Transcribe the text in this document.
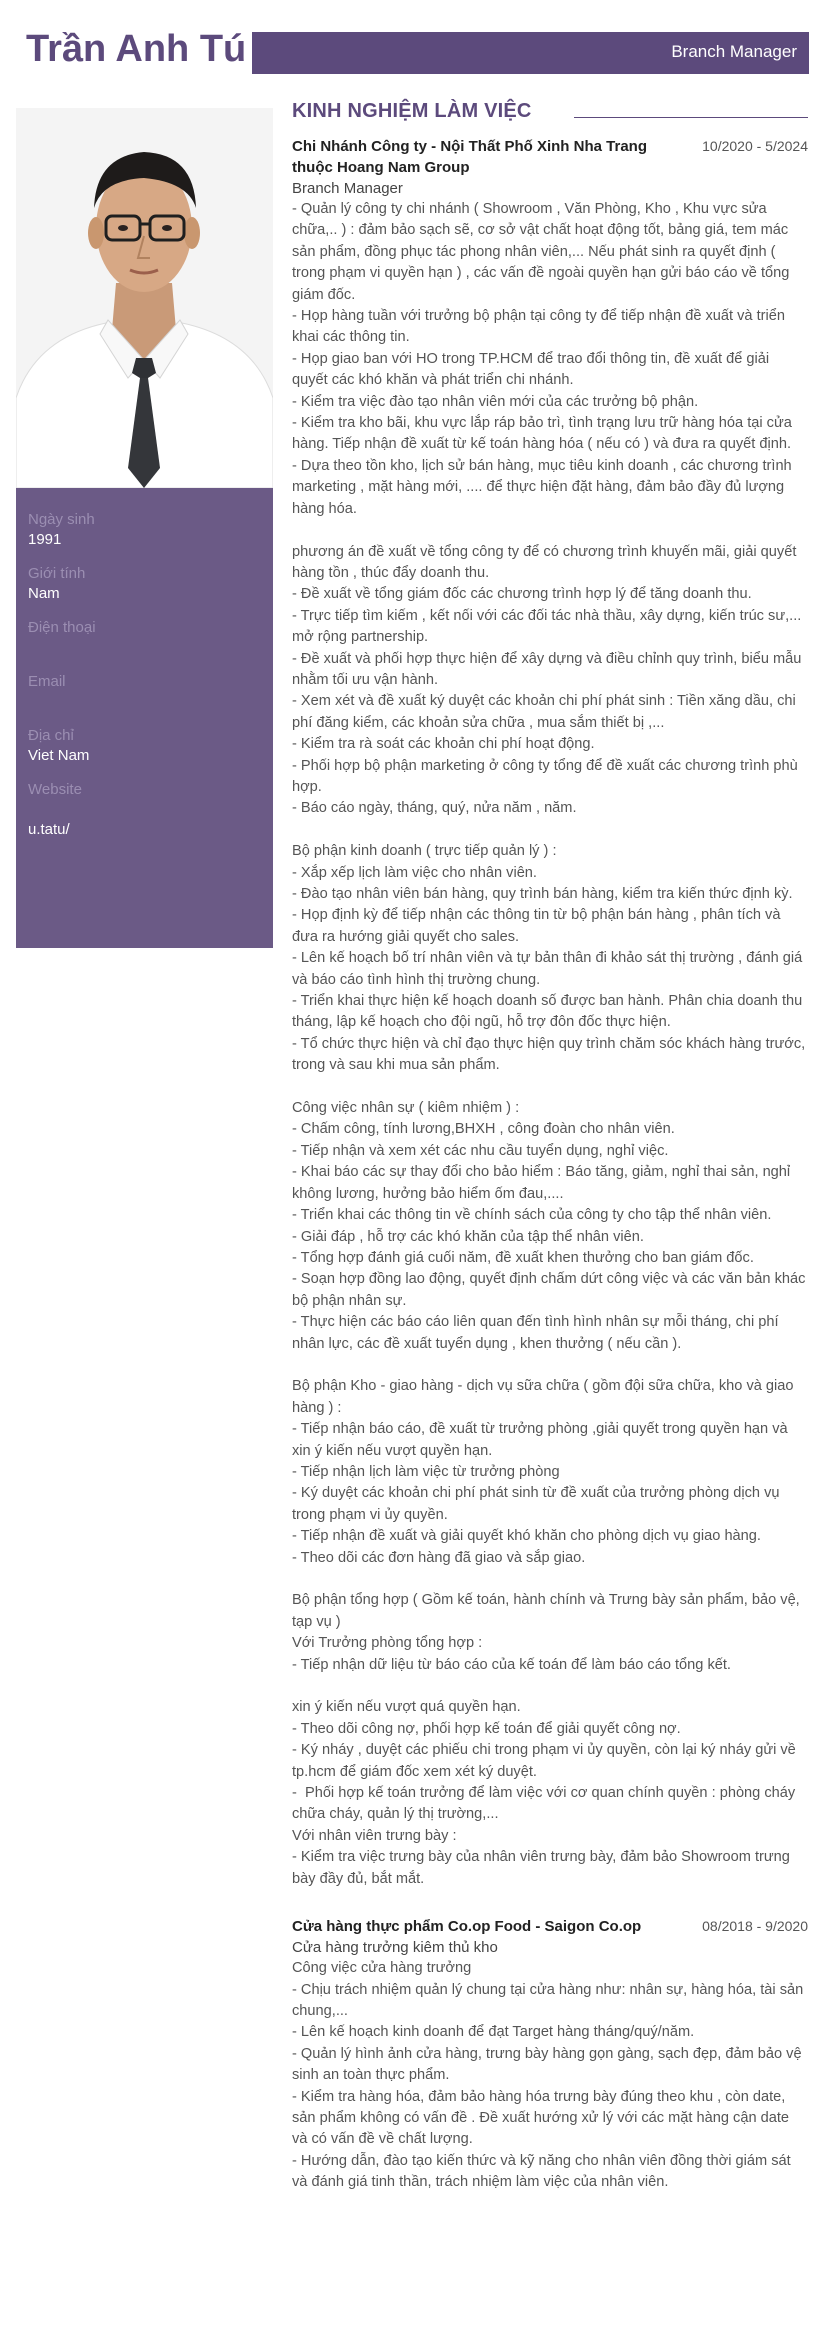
Trần Anh Tú	Branch Manager
Ngày sinh
1991
Giới tính
Nam
Điện thoại
Email
Địa chỉ
Viet Nam
Website
u.tatu/
KINH NGHIỆM LÀM VIỆC
Chi Nhánh Công ty - Nội Thất Phố Xinh Nha Trang thuộc Hoang Nam Group
10/2020 - 5/2024
Branch Manager
- Quản lý công ty chi nhánh ( Showroom , Văn Phòng, Kho , Khu vực sửa chữa,.. ) : đảm bảo sạch sẽ, cơ sở vật chất hoạt động tốt, bảng giá, tem mác sản phẩm, đồng phục tác phong nhân viên,... Nếu phát sinh ra quyết định ( trong phạm vi quyền hạn ) , các vấn đề ngoài quyền hạn gửi báo cáo về tổng giám đốc.
- Họp hàng tuần với trưởng bộ phận tại công ty để tiếp nhận đề xuất và triển khai các thông tin.
- Họp giao ban với HO trong TP.HCM để trao đổi thông tin, đề xuất để giải quyết các khó khăn và phát triển chi nhánh.
- Kiểm tra việc đào tạo nhân viên mới của các trưởng bộ phận.
- Kiểm tra kho bãi, khu vực lắp ráp bảo trì, tình trạng lưu trữ hàng hóa tại cửa hàng. Tiếp nhận đề xuất từ kế toán hàng hóa ( nếu có ) và đưa ra quyết định.
- Dựa theo tồn kho, lịch sử bán hàng, mục tiêu kinh doanh , các chương trình marketing , mặt hàng mới, .... để thực hiện đặt hàng, đảm bảo đầy đủ lượng hàng hóa.

phương án đề xuất về tổng công ty để có chương trình khuyến mãi, giải quyết hàng tồn , thúc đẩy doanh thu.
- Đề xuất về tổng giám đốc các chương trình hợp lý để tăng doanh thu.
- Trực tiếp tìm kiếm , kết nối với các đối tác nhà thầu, xây dựng, kiến trúc sư,... mở rộng partnership.
- Đề xuất và phối hợp thực hiện để xây dựng và điều chỉnh quy trình, biểu mẫu nhằm tối ưu vận hành.
- Xem xét và đề xuất ký duyệt các khoản chi phí phát sinh : Tiền xăng dầu, chi phí đăng kiểm, các khoản sửa chữa , mua sắm thiết bị ,...
- Kiểm tra rà soát các khoản chi phí hoạt động.
- Phối hợp bộ phận marketing ở công ty tổng để đề xuất các chương trình phù hợp.
- Báo cáo ngày, tháng, quý, nửa năm , năm.

Bộ phận kinh doanh ( trực tiếp quản lý ) :
- Xắp xếp lịch làm việc cho nhân viên.
- Đào tạo nhân viên bán hàng, quy trình bán hàng, kiểm tra kiến thức định kỳ.
- Họp định kỳ để tiếp nhận các thông tin từ bộ phận bán hàng , phân tích và đưa ra hướng giải quyết cho sales.
- Lên kế hoạch bố trí nhân viên và tự bản thân đi khảo sát thị trường , đánh giá và báo cáo tình hình thị trường chung.
- Triển khai thực hiện kế hoạch doanh số được ban hành. Phân chia doanh thu tháng, lập kế hoạch cho đội ngũ, hỗ trợ đôn đốc thực hiện.
- Tổ chức thực hiện và chỉ đạo thực hiện quy trình chăm sóc khách hàng trước, trong và sau khi mua sản phẩm.

Công việc nhân sự ( kiêm nhiệm ) :
- Chấm công, tính lương,BHXH , công đoàn cho nhân viên.
- Tiếp nhận và xem xét các nhu cầu tuyển dụng, nghỉ việc.
- Khai báo các sự thay đổi cho bảo hiểm : Báo tăng, giảm, nghỉ thai sản, nghỉ không lương, hưởng bảo hiểm ốm đau,....
- Triển khai các thông tin về chính sách của công ty cho tập thể nhân viên.
- Giải đáp , hỗ trợ các khó khăn của tập thể nhân viên.
- Tổng hợp đánh giá cuối năm, đề xuất khen thưởng cho ban giám đốc.
- Soạn hợp đồng lao động, quyết định chấm dứt công việc và các văn bản khác bộ phận nhân sự.
- Thực hiện các báo cáo liên quan đến tình hình nhân sự mỗi tháng, chi phí nhân lực, các đề xuất tuyển dụng , khen thưởng ( nếu cần ).

Bộ phận Kho - giao hàng - dịch vụ sữa chữa ( gồm đội sữa chữa, kho và giao hàng ) :
- Tiếp nhận báo cáo, đề xuất từ trưởng phòng ,giải quyết trong quyền hạn và xin ý kiến nếu vượt quyền hạn.
- Tiếp nhận lịch làm việc từ trưởng phòng
- Ký duyệt các khoản chi phí phát sinh từ đề xuất của trưởng phòng dịch vụ trong phạm vi ủy quyền.
- Tiếp nhận đề xuất và giải quyết khó khăn cho phòng dịch vụ giao hàng.
- Theo dõi các đơn hàng đã giao và sắp giao.

Bộ phận tổng hợp ( Gồm kế toán, hành chính và Trưng bày sản phẩm, bảo vệ, tạp vụ )
Với Trưởng phòng tổng hợp :
- Tiếp nhận dữ liệu từ báo cáo của kế toán để làm báo cáo tổng kết.

xin ý kiến nếu vượt quá quyền hạn.
- Theo dõi công nợ, phối hợp kế toán để giải quyết công nợ.
- Ký nháy , duyệt các phiếu chi trong phạm vi ủy quyền, còn lại ký nháy gửi về tp.hcm để giám đốc xem xét ký duyệt.
-  Phối hợp kế toán trưởng để làm việc với cơ quan chính quyền : phòng cháy chữa cháy, quản lý thị trường,...
Với nhân viên trưng bày :
- Kiểm tra việc trưng bày của nhân viên trưng bày, đảm bảo Showroom trưng bày đầy đủ, bắt mắt.
Cửa hàng thực phẩm Co.op Food - Saigon Co.op	08/2018 - 9/2020
Cửa hàng trưởng kiêm thủ kho
Công việc cửa hàng trưởng
- Chịu trách nhiệm quản lý chung tại cửa hàng như: nhân sự, hàng hóa, tài sản chung,...
- Lên kế hoạch kinh doanh để đạt Target hàng tháng/quý/năm.
- Quản lý hình ảnh cửa hàng, trưng bày hàng gọn gàng, sạch đẹp, đảm bảo vệ sinh an toàn thực phẩm.
- Kiểm tra hàng hóa, đảm bảo hàng hóa trưng bày đúng theo khu , còn date, sản phẩm không có vấn đề . Đề xuất hướng xử lý với các mặt hàng cận date và có vấn đề về chất lượng.
- Hướng dẫn, đào tạo kiến thức và kỹ năng cho nhân viên đồng thời giám sát và đánh giá tinh thần, trách nhiệm làm việc của nhân viên.
